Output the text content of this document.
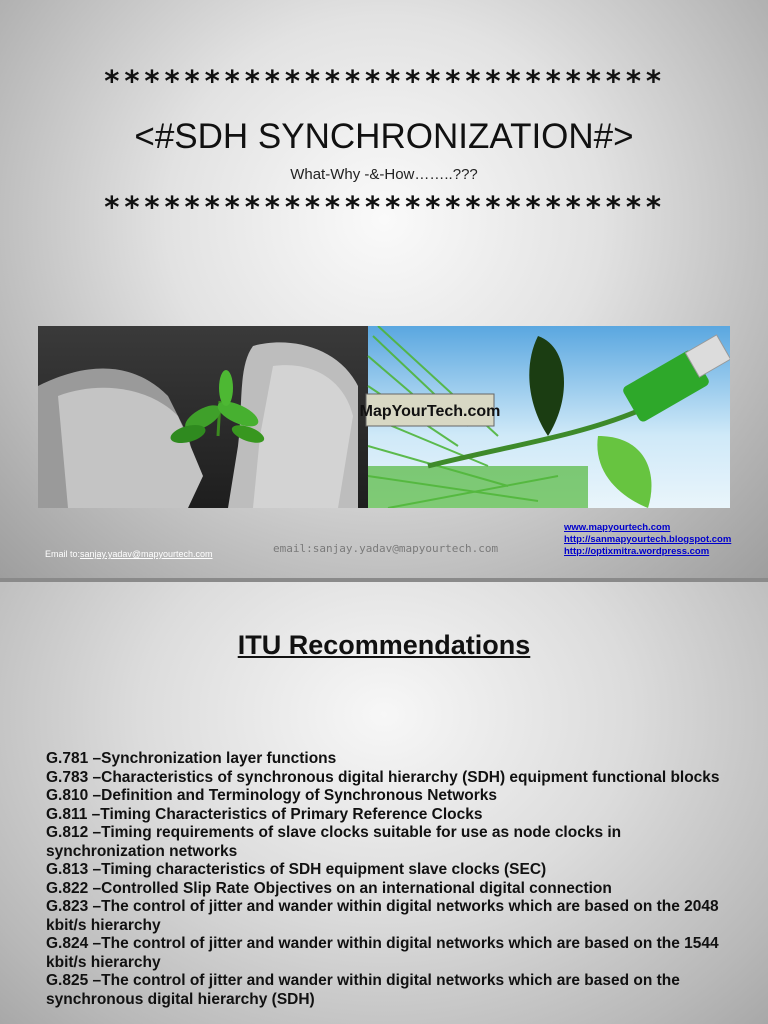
****************************
<#SDH SYNCHRONIZATION#>
What-Why -&-How……..???
****************************
MapYourTech.com
Email to:sanjay.yadav@mapyourtech.com	email:sanjay.yadav@mapyourtech.com
www.mapyourtech.com
http://sanmapyourtech.blogspot.com
http://optixmitra.wordpress.com
ITU Recommendations
G.781 –Synchronization layer functions
G.783 –Characteristics of synchronous digital hierarchy (SDH) equipment functional blocks
G.810 –Definition and Terminology of Synchronous Networks
G.811 –Timing Characteristics of Primary Reference Clocks
G.812 –Timing requirements of slave clocks suitable for use as node clocks in synchronization networks
G.813 –Timing characteristics of SDH equipment slave clocks (SEC)
G.822 –Controlled Slip Rate Objectives on an international digital connection
G.823 –The control of jitter and wander within digital networks which are based on the 2048 kbit/s hierarchy
G.824 –The control of jitter and wander within digital networks which are based on the 1544 kbit/s hierarchy
G.825 –The control of jitter and wander within digital networks which are based on the synchronous digital hierarchy (SDH)
